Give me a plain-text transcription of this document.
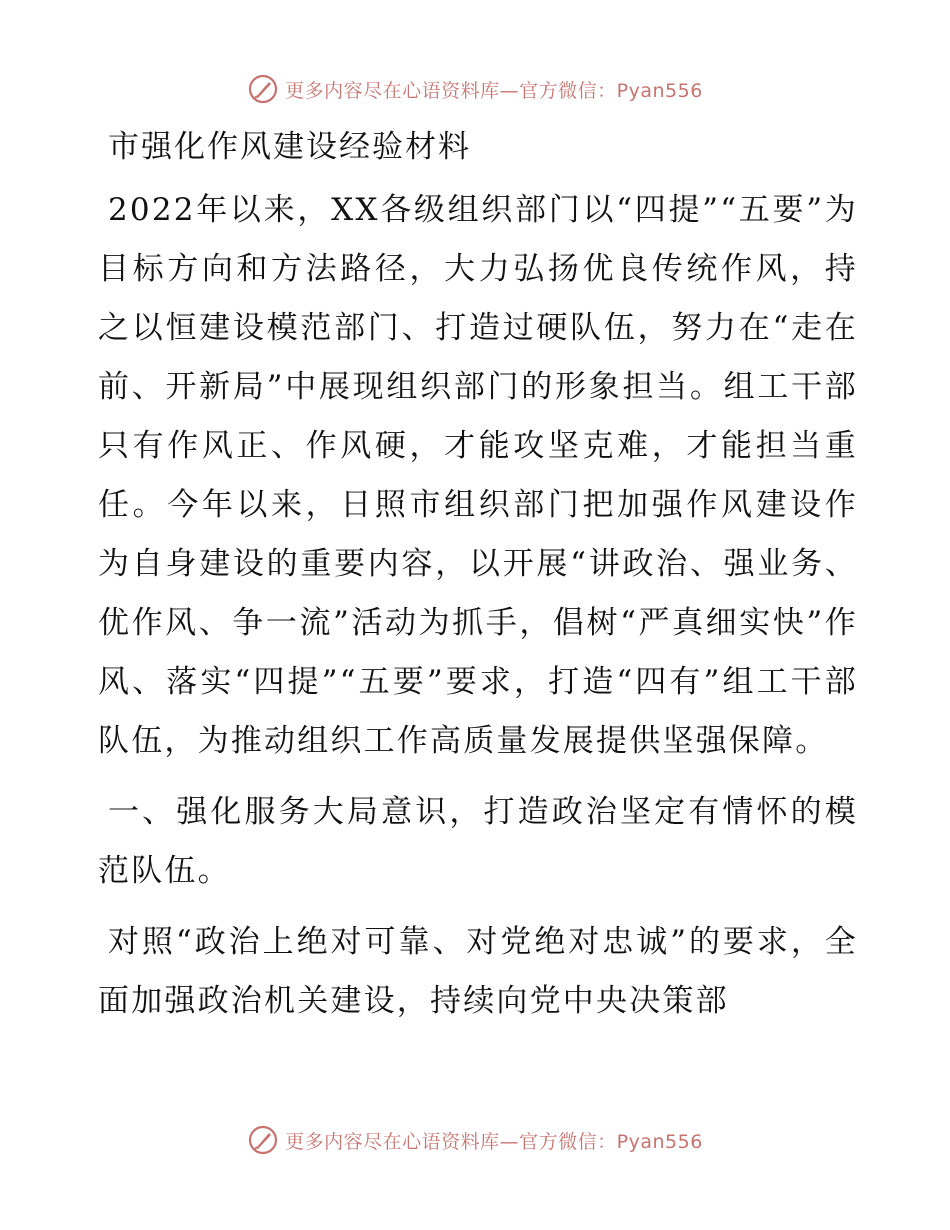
更多内容尽在心语资料库—官方微信：Pyan556
市强化作风建设经验材料

2022年以来，XX各级组织部门以“四提”“五要”为目标方向和方法路径，大力弘扬优良传统作风，持之以恒建设模范部门、打造过硬队伍，努力在“走在前、开新局”中展现组织部门的形象担当。组工干部只有作风正、作风硬，才能攻坚克难，才能担当重任。今年以来，日照市组织部门把加强作风建设作为自身建设的重要内容，以开展“讲政治、强业务、优作风、争一流”活动为抓手，倡树“严真细实快”作风、落实“四提”“五要”要求，打造“四有”组工干部队伍，为推动组织工作高质量发展提供坚强保障。

一、强化服务大局意识，打造政治坚定有情怀的模范队伍。

对照“政治上绝对可靠、对党绝对忠诚”的要求，全面加强政治机关建设，持续向党中央决策部

更多内容尽在心语资料库—官方微信：Pyan556
